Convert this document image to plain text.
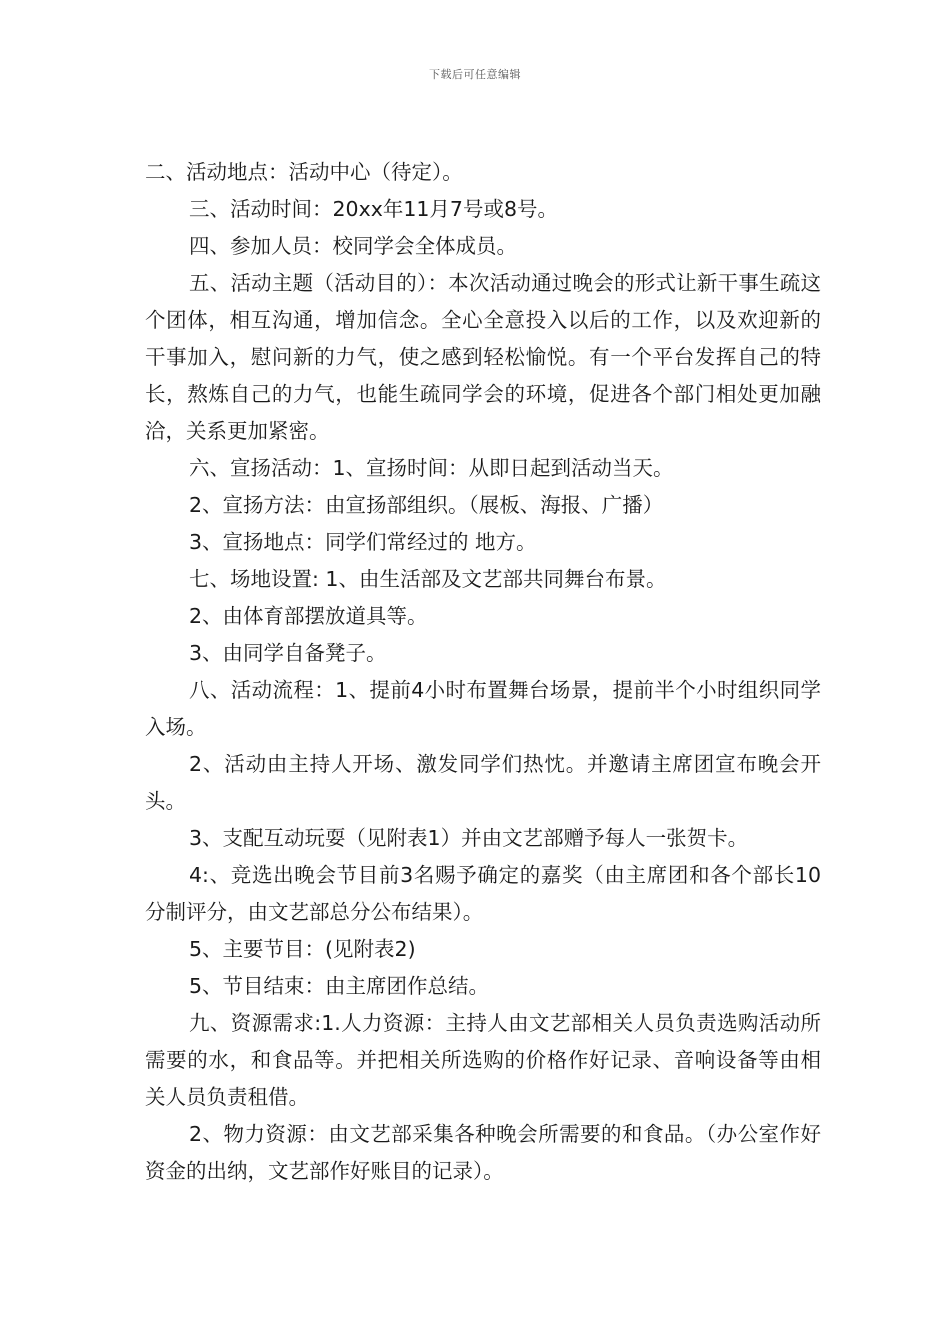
下载后可任意编辑

二、活动地点：活动中心（待定）。

三、活动时间：20xx年11月7号或8号。

四、参加人员：校同学会全体成员。

五、活动主题（活动目的）：本次活动通过晚会的形式让新干事生疏这个团体，相互沟通，增加信念。全心全意投入以后的工作，以及欢迎新的干事加入，慰问新的力气，使之感到轻松愉悦。有一个平台发挥自己的特长，熬炼自己的力气，也能生疏同学会的环境，促进各个部门相处更加融洽，关系更加紧密。

六、宣扬活动：1、宣扬时间：从即日起到活动当天。

2、宣扬方法：由宣扬部组织。（展板、海报、广播）

3、宣扬地点：同学们常经过的 地方。

七、场地设置: 1、由生活部及文艺部共同舞台布景。

2、由体育部摆放道具等。

3、由同学自备凳子。

八、活动流程：1、提前4小时布置舞台场景，提前半个小时组织同学入场。

2、活动由主持人开场、激发同学们热忱。并邀请主席团宣布晚会开头。

3、支配互动玩耍（见附表1）并由文艺部赠予每人一张贺卡。

4:、竞选出晚会节目前3名赐予确定的嘉奖（由主席团和各个部长10分制评分，由文艺部总分公布结果）。

5、主要节目：(见附表2)

5、节目结束：由主席团作总结。

九、资源需求:1.人力资源：主持人由文艺部相关人员负责选购活动所需要的水，和食品等。并把相关所选购的价格作好记录、音响设备等由相关人员负责租借。

2、物力资源：由文艺部采集各种晚会所需要的和食品。（办公室作好资金的出纳，文艺部作好账目的记录）。
